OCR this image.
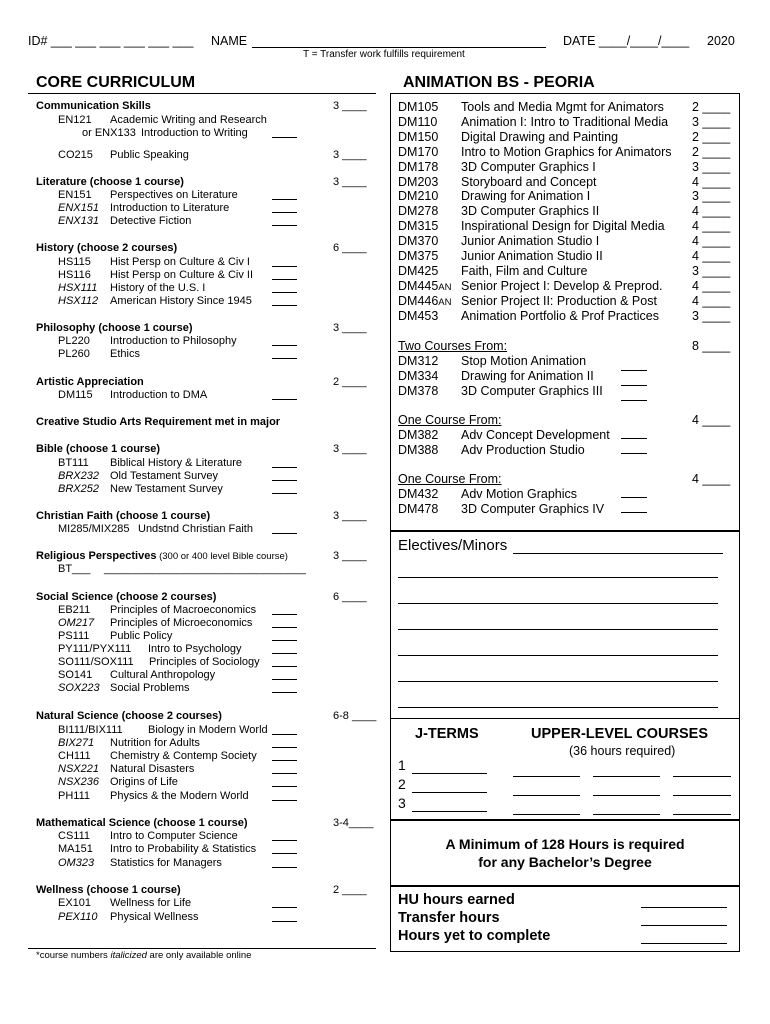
ID# ___ ___ ___ ___ ___ ___ NAME	DATE ____/____/____ 2020
T = Transfer work fulfills requirement
CORE CURRICULUM	ANIMATION BS - PEORIA
Communication Skills	3 ____
EN121 Academic Writing and Research
or ENX133 Introduction to Writing
CO215 Public Speaking	3 ____
Literature (choose 1 course)	3 ____
EN151 Perspectives on Literature
ENX151 Introduction to Literature
ENX131 Detective Fiction
History (choose 2 courses)	6 ____
HS115 Hist Persp on Culture & Civ I
HS116 Hist Persp on Culture & Civ II
HSX111 History of the U.S. I
HSX112 American History Since 1945
Philosophy (choose 1 course)	3 ____
PL220 Introduction to Philosophy
PL260 Ethics
Artistic Appreciation	2 ____
DM115 Introduction to DMA
Creative Studio Arts Requirement met in major
Bible (choose 1 course)	3 ____
BT111 Biblical History & Literature
BRX232 Old Testament Survey
BRX252 New Testament Survey
Christian Faith (choose 1 course)	3 ____
MI285/MIX285 Undstnd Christian Faith
Religious Perspectives (300 or 400 level Bible course)	3 ____
BT___ _________________________________
Social Science (choose 2 courses)	6 ____
EB211 Principles of Macroeconomics
OM217 Principles of Microeconomics
PS111 Public Policy
PY111/PYX111 Intro to Psychology
SO111/SOX111 Principles of Sociology
SO141 Cultural Anthropology
SOX223 Social Problems
Natural Science (choose 2 courses)	6-8 ____
BI111/BIX111 Biology in Modern World
BIX271 Nutrition for Adults
CH111 Chemistry & Contemp Society
NSX221 Natural Disasters
NSX236 Origins of Life
PH111 Physics & the Modern World
Mathematical Science (choose 1 course)	3-4____
CS111 Intro to Computer Science
MA151 Intro to Probability & Statistics
OM323 Statistics for Managers
Wellness (choose 1 course)	2 ____
EX101 Wellness for Life
PEX110 Physical Wellness
*course numbers italicized are only available online
DM105 Tools and Media Mgmt for Animators 2 ____
DM110 Animation I: Intro to Traditional Media 3 ____
DM150 Digital Drawing and Painting	2 ____
DM170 Intro to Motion Graphics for Animators 2 ____
DM178 3D Computer Graphics I	3 ____
DM203 Storyboard and Concept	4 ____
DM210 Drawing for Animation I	3 ____
DM278 3D Computer Graphics II	4 ____
DM315 Inspirational Design for Digital Media 4 ____
DM370 Junior Animation Studio I	4 ____
DM375 Junior Animation Studio II	4 ____
DM425 Faith, Film and Culture	3 ____
DM445AN Senior Project I: Develop & Preprod. 4 ____
DM446AN Senior Project II: Production & Post	4 ____
DM453 Animation Portfolio & Prof Practices	3 ____
Two Courses From:	8 ____
DM312 Stop Motion Animation
DM334 Drawing for Animation II
DM378 3D Computer Graphics III
One Course From:	4 ____
DM382 Adv Concept Development
DM388 Adv Production Studio
One Course From:	4 ____
DM432 Adv Motion Graphics
DM478 3D Computer Graphics IV
Electives/Minors
J-TERMS	UPPER-LEVEL COURSES
(36 hours required)
1
2
3
A Minimum of 128 Hours is required
for any Bachelor’s Degree
HU hours earned
Transfer hours
Hours yet to complete
